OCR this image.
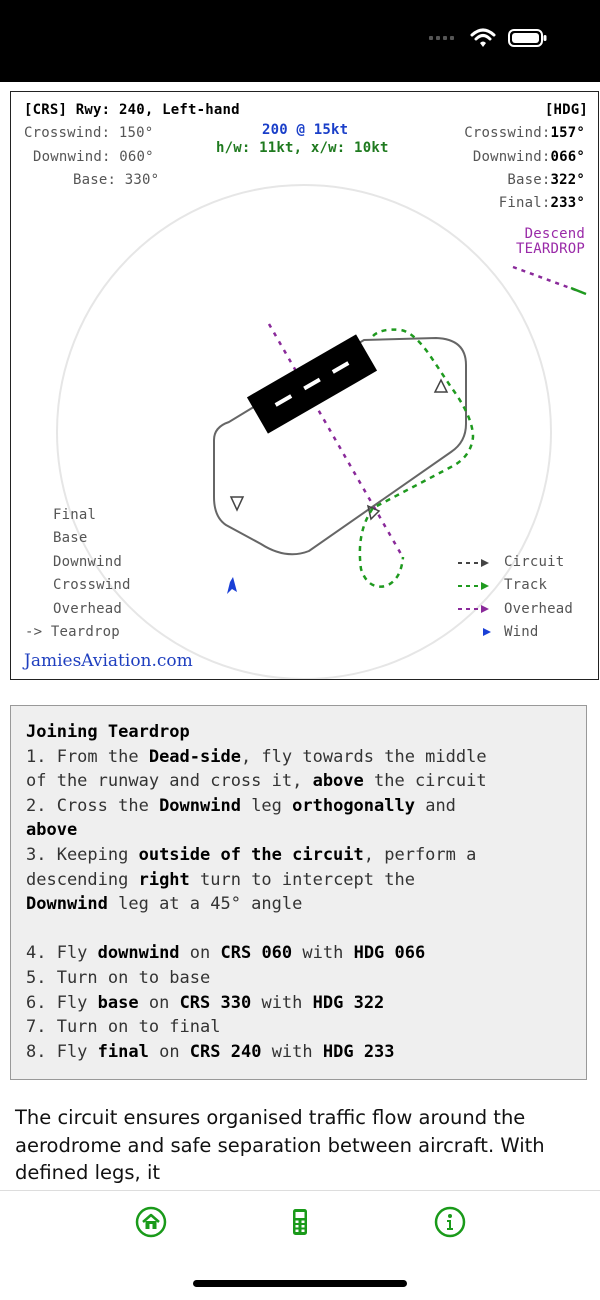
[CRS] Rwy: 240, Left-hand
Crosswind: 150°
Downwind: 060°
Base: 330°
200 @ 15kt
h/w: 11kt, x/w: 10kt
[HDG]
Crosswind:157°
Downwind:066°
Base:322°
Final:233°
Descend
TEARDROP
Final
Base
Downwind
Crosswind
Overhead
-> Teardrop
Circuit
Track
Overhead
Wind
JamiesAviation.com
Joining Teardrop
1. From the Dead-side, fly towards the middle
of the runway and cross it, above the circuit
2. Cross the Downwind leg orthogonally and
above
3. Keeping outside of the circuit, perform a
descending right turn to intercept the
Downwind leg at a 45° angle

4. Fly downwind on CRS 060 with HDG 066
5. Turn on to base
6. Fly base on CRS 330 with HDG 322
7. Turn on to final
8. Fly final on CRS 240 with HDG 233
The circuit ensures organised traffic flow around the aerodrome and safe separation between aircraft. With defined legs, it
